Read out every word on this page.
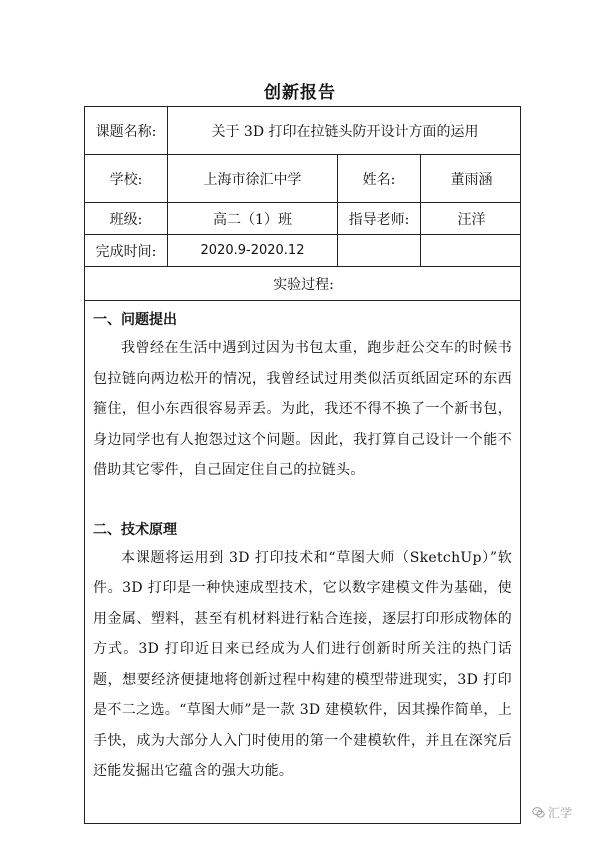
创新报告
课题名称:	关于 3D 打印在拉链头防开设计方面的运用
学校:	上海市徐汇中学	姓名:	董雨涵
班级:	高二（1）班	指导老师:	汪洋
完成时间:	2020.9-2020.12
实验过程:

一、问题提出

我曾经在生活中遇到过因为书包太重，跑步赶公交车的时候书包拉链向两边松开的情况，我曾经试过用类似活页纸固定环的东西箍住，但小东西很容易弄丢。为此，我还不得不换了一个新书包，身边同学也有人抱怨过这个问题。因此，我打算自己设计一个能不借助其它零件，自己固定住自己的拉链头。

二、技术原理

本课题将运用到 3D 打印技术和“草图大师（SketchUp）”软件。3D 打印是一种快速成型技术，它以数字建模文件为基础，使用金属、塑料，甚至有机材料进行粘合连接，逐层打印形成物体的方式。3D 打印近日来已经成为人们进行创新时所关注的热门话题，想要经济便捷地将创新过程中构建的模型带进现实，3D 打印是不二之选。“草图大师”是一款 3D 建模软件，因其操作简单，上手快，成为大部分人入门时使用的第一个建模软件，并且在深究后还能发掘出它蕴含的强大功能。

汇学
